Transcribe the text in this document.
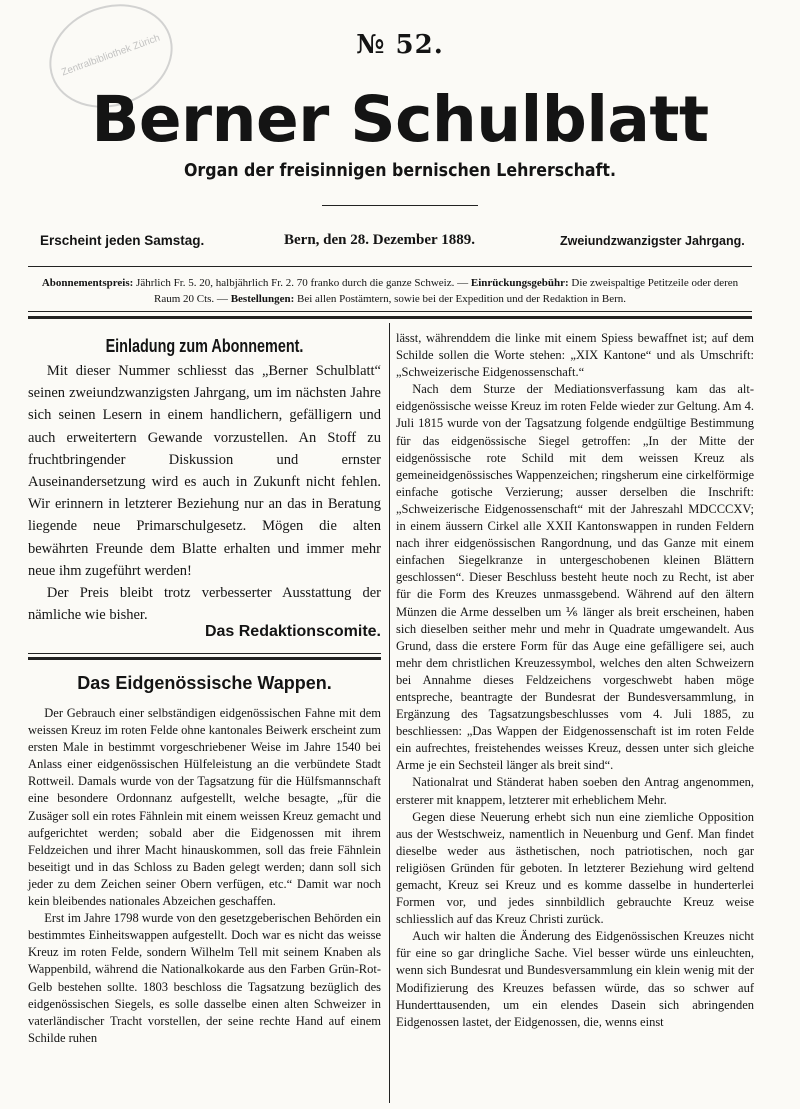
Zentralbibliothek Zürich	№ 52.
Berner Schulblatt
Organ der freisinnigen bernischen Lehrerschaft.
Erscheint jeden Samstag.	Bern, den 28. Dezember 1889.	Zweiundzwanzigster Jahrgang.
Abonnementspreis: Jährlich Fr. 5. 20, halbjährlich Fr. 2. 70 franko durch die ganze Schweiz. — Einrückungsgebühr: Die zweispaltige Petitzeile oder deren Raum 20 Cts. — Bestellungen: Bei allen Postämtern, sowie bei der Expedition und der Redaktion in Bern.
Einladung zum Abonnement.

Mit dieser Nummer schliesst das „Berner Schulblatt“ seinen zweiundzwanzigsten Jahrgang, um im nächsten Jahre sich seinen Lesern in einem handlichern, gefälligern und auch erweitertern Gewande vorzustellen. An Stoff zu fruchtbringender Diskussion und ernster Auseinandersetzung wird es auch in Zukunft nicht fehlen. Wir erinnern in letzterer Beziehung nur an das in Beratung liegende neue Primarschulgesetz. Mögen die alten bewährten Freunde dem Blatte erhalten und immer mehr neue ihm zugeführt werden!

Der Preis bleibt trotz verbesserter Ausstattung der nämliche wie bisher.

Das Redaktionscomite.
Das Eidgenössische Wappen.

Der Gebrauch einer selbständigen eidgenössischen Fahne mit dem weissen Kreuz im roten Felde ohne kantonales Beiwerk erscheint zum ersten Male in bestimmt vorgeschriebener Weise im Jahre 1540 bei Anlass einer eidgenössischen Hülfeleistung an die verbündete Stadt Rottweil. Damals wurde von der Tagsatzung für die Hülfsmannschaft eine besondere Ordonnanz aufgestellt, welche besagte, „für die Zusäger soll ein rotes Fähnlein mit einem weissen Kreuz gemacht und aufgerichtet werden; sobald aber die Eidgenossen mit ihrem Feldzeichen und ihrer Macht hinauskommen, soll das freie Fähnlein beseitigt und in das Schloss zu Baden gelegt werden; dann soll sich jeder zu dem Zeichen seiner Obern verfügen, etc.“ Damit war noch kein bleibendes nationales Abzeichen geschaffen.

Erst im Jahre 1798 wurde von den gesetzgeberischen Behörden ein bestimmtes Einheitswappen aufgestellt. Doch war es nicht das weisse Kreuz im roten Felde, sondern Wilhelm Tell mit seinem Knaben als Wappenbild, während die Nationalkokarde aus den Farben Grün-Rot-Gelb bestehen sollte. 1803 beschloss die Tagsatzung bezüglich des eidgenössischen Siegels, es solle dasselbe einen alten Schweizer in vaterländischer Tracht vorstellen, der seine rechte Hand auf einem Schilde ruhen

lässt, währenddem die linke mit einem Spiess bewaffnet ist; auf dem Schilde sollen die Worte stehen: „XIX Kantone“ und als Umschrift: „Schweizerische Eidgenossenschaft.“

Nach dem Sturze der Mediationsverfassung kam das alt-eidgenössische weisse Kreuz im roten Felde wieder zur Geltung. Am 4. Juli 1815 wurde von der Tagsatzung folgende endgültige Bestimmung für das eidgenössische Siegel getroffen: „In der Mitte der eidgenössische rote Schild mit dem weissen Kreuz als gemeineidgenössisches Wappenzeichen; ringsherum eine cirkelförmige einfache gotische Verzierung; ausser derselben die Inschrift: „Schweizerische Eidgenossenschaft“ mit der Jahreszahl MDCCCXV; in einem äussern Cirkel alle XXII Kantonswappen in runden Feldern nach ihrer eidgenössischen Rangordnung, und das Ganze mit einem einfachen Siegelkranze in untergeschobenen kleinen Blättern geschlossen“. Dieser Beschluss besteht heute noch zu Recht, ist aber für die Form des Kreuzes unmassgebend. Während auf den ältern Münzen die Arme desselben um ⅙ länger als breit erscheinen, haben sich dieselben seither mehr und mehr in Quadrate umgewandelt. Aus Grund, dass die erstere Form für das Auge eine gefälligere sei, auch mehr dem christlichen Kreuzessymbol, welches den alten Schweizern bei Annahme dieses Feldzeichens vorgeschwebt haben möge entspreche, beantragte der Bundesrat der Bundesversammlung, in Ergänzung des Tagsatzungsbeschlusses vom 4. Juli 1885, zu beschliessen: „Das Wappen der Eidgenossenschaft ist im roten Felde ein aufrechtes, freistehendes weisses Kreuz, dessen unter sich gleiche Arme je ein Sechsteil länger als breit sind“.

Nationalrat und Ständerat haben soeben den Antrag angenommen, ersterer mit knappem, letzterer mit erheblichem Mehr.

Gegen diese Neuerung erhebt sich nun eine ziemliche Opposition aus der Westschweiz, namentlich in Neuenburg und Genf. Man findet dieselbe weder aus ästhetischen, noch patriotischen, noch gar religiösen Gründen für geboten. In letzterer Beziehung wird geltend gemacht, Kreuz sei Kreuz und es komme dasselbe in hunderterlei Formen vor, und jedes sinnbildlich gebrauchte Kreuz weise schliesslich auf das Kreuz Christi zurück.

Auch wir halten die Änderung des Eidgenössischen Kreuzes nicht für eine so gar dringliche Sache. Viel besser würde uns einleuchten, wenn sich Bundesrat und Bundesversammlung ein klein wenig mit der Modifizierung des Kreuzes befassen würde, das so schwer auf Hunderttausenden, um ein elendes Dasein sich abringenden Eidgenossen lastet, der Eidgenossen, die, wenns einst
